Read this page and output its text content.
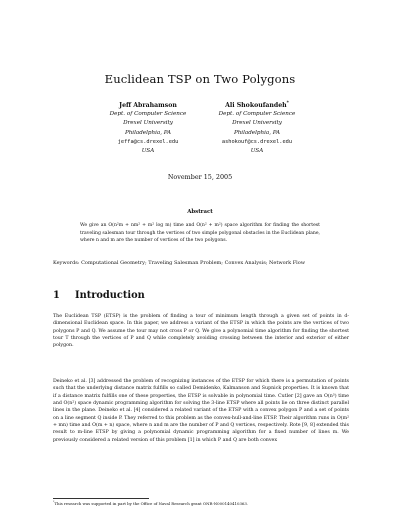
Euclidean TSP on Two Polygons
Jeff Abrahamson
Dept. of Computer Science
Drexel University
Philadelphia, PA
jeffa@cs.drexel.edu
USA
Ali Shokoufandeh*
Dept. of Computer Science
Drexel University
Philadelphia, PA
ashokouf@cs.drexel.edu
USA
November 15, 2005
Abstract
We give an O(n²m + nm² + m² log m) time and O(n² + m²) space algorithm for finding the shortest traveling salesman tour through the vertices of two simple polygonal obstacles in the Euclidean plane, where n and m are the number of vertices of the two polygons.
Keywords: Computational Geometry; Traveling Salesman Problem; Convex Analysis; Network Flow
1 Introduction
The Euclidean TSP (ETSP) is the problem of finding a tour of minimum length through a given set of points in d-dimensional Euclidean space. In this paper, we address a variant of the ETSP in which the points are the vertices of two polygons P and Q. We assume the tour may not cross P or Q. We give a polynomial time algorithm for finding the shortest tour T through the vertices of P and Q while completely avoiding crossing between the interior and exterior of either polygon.
Deineko et al. [3] addressed the problem of recognizing instances of the ETSP for which there is a permutation of points such that the underlying distance matrix fulfills so called Demidenko, Kalmanson and Supnick properties. It is known that if a distance matrix fulfills one of these properties, the ETSP is solvable in polynomial time. Cutler [2] gave an O(n³) time and O(n²) space dynamic programming algorithm for solving the 3-line ETSP where all points lie on three distinct parallel lines in the plane. Deineko et al. [4] considered a related variant of the ETSP with a convex polygon P and a set of points on a line segment Q inside P. They referred to this problem as the convex-hull-and-line ETSP. Their algorithm runs in O(m² + mn) time and O(m + n) space, where n and m are the number of P and Q vertices, respectively. Rote [9, 8] extended this result to m-line ETSP by giving a polynomial dynamic programming algorithm for a fixed number of lines m. We previously considered a related version of this problem [1] in which P and Q are both convex
*This research was supported in part by the Office of Naval Research grant ONR-N000140410363.
